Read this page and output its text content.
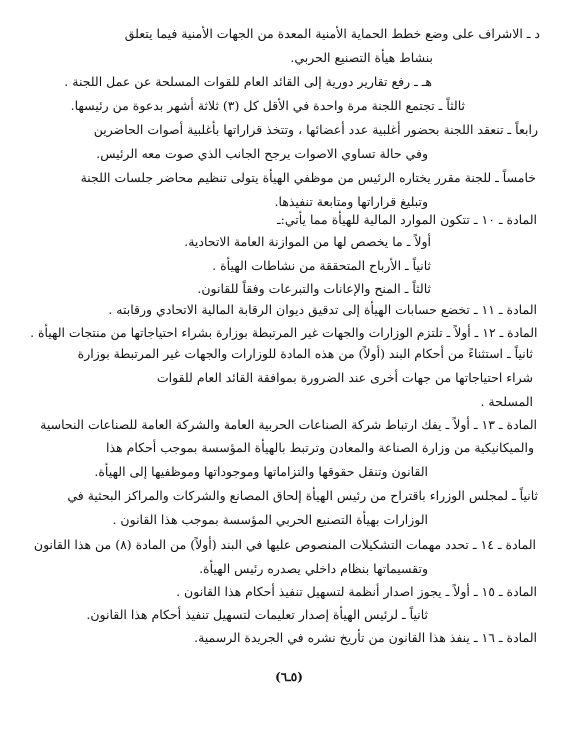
د ـ الاشراف على وضع خطط الحماية الأمنية المعدة من الجهات الأمنية فيما يتعلق
بنشاط هيأة التصنيع الحربي.
هـ ـ رفع تقارير دورية إلى القائد العام للقوات المسلحة عن عمل اللجنة .
ثالثاً ـ تجتمع اللجنة مرة واحدة في الأقل كل (٣) ثلاثة أشهر بدعوة من رئيسها.
رابعاً ـ تنعقد اللجنة بحضور أغلبية عدد أعضائها ، وتتخذ قراراتها بأغلبية أصوات الحاضرين
وفي حالة تساوي الاصوات يرجح الجانب الذي صوت معه الرئيس.
خامساً ـ للجنة مقرر يختاره الرئيس من موظفي الهيأة يتولى تنظيم محاضر جلسات اللجنة
وتبليغ قراراتها ومتابعة تنفيذها.
المادة ـ ١٠ ـ تتكون الموارد المالية للهيأة مما يأتي:ـ
أولاً ـ ما يخصص لها من الموازنة العامة الاتحادية.
ثانياً ـ الأرباح المتحققة من نشاطات الهيأة .
ثالثاً ـ المنح والإعانات والتبرعات وفقاً للقانون.
المادة ـ ١١ ـ تخضع حسابات الهيأة إلى تدقيق ديوان الرقابة المالية الاتحادي ورقابته .
المادة ـ ١٢ ـ أولاً ـ تلتزم الوزارات والجهات غير المرتبطة بوزارة بشراء احتياجاتها من منتجات الهيأة .
ثانياً ـ استثناءً من أحكام البند (أولاً) من هذه المادة للوزارات والجهات غير المرتبطة بوزارة
شراء احتياجاتها من جهات أخرى عند الضرورة بموافقة القائد العام للقوات
المسلحة .
المادة ـ ١٣ ـ أولاً ـ يفك ارتباط شركة الصناعات الحربية العامة والشركة العامة للصناعات النحاسية
والميكانيكية من وزارة الصناعة والمعادن وترتبط بالهيأة المؤسسة بموجب أحكام هذا
القانون وتنقل حقوقها والتزاماتها وموجوداتها وموظفيها إلى الهيأة.
ثانياً ـ لمجلس الوزراء باقتراح من رئيس الهيأة إلحاق المصانع والشركات والمراكز البحثية في
الوزارات بهيأة التصنيع الحربي المؤسسة بموجب هذا القانون .
المادة ـ ١٤ ـ تحدد مهمات التشكيلات المنصوص عليها في البند (أولاً) من المادة (٨) من هذا القانون
وتقسيماتها بنظام داخلي يصدره رئيس الهيأة.
المادة ـ ١٥ ـ أولاً ـ يجوز اصدار أنظمة لتسهيل تنفيذ أحكام هذا القانون .
ثانياً ـ لرئيس الهيأة إصدار تعليمات لتسهيل تنفيذ أحكام هذا القانون.
المادة ـ ١٦ ـ ينفذ هذا القانون من تأريخ نشره في الجريدة الرسمية.
(٥ـ٦)
